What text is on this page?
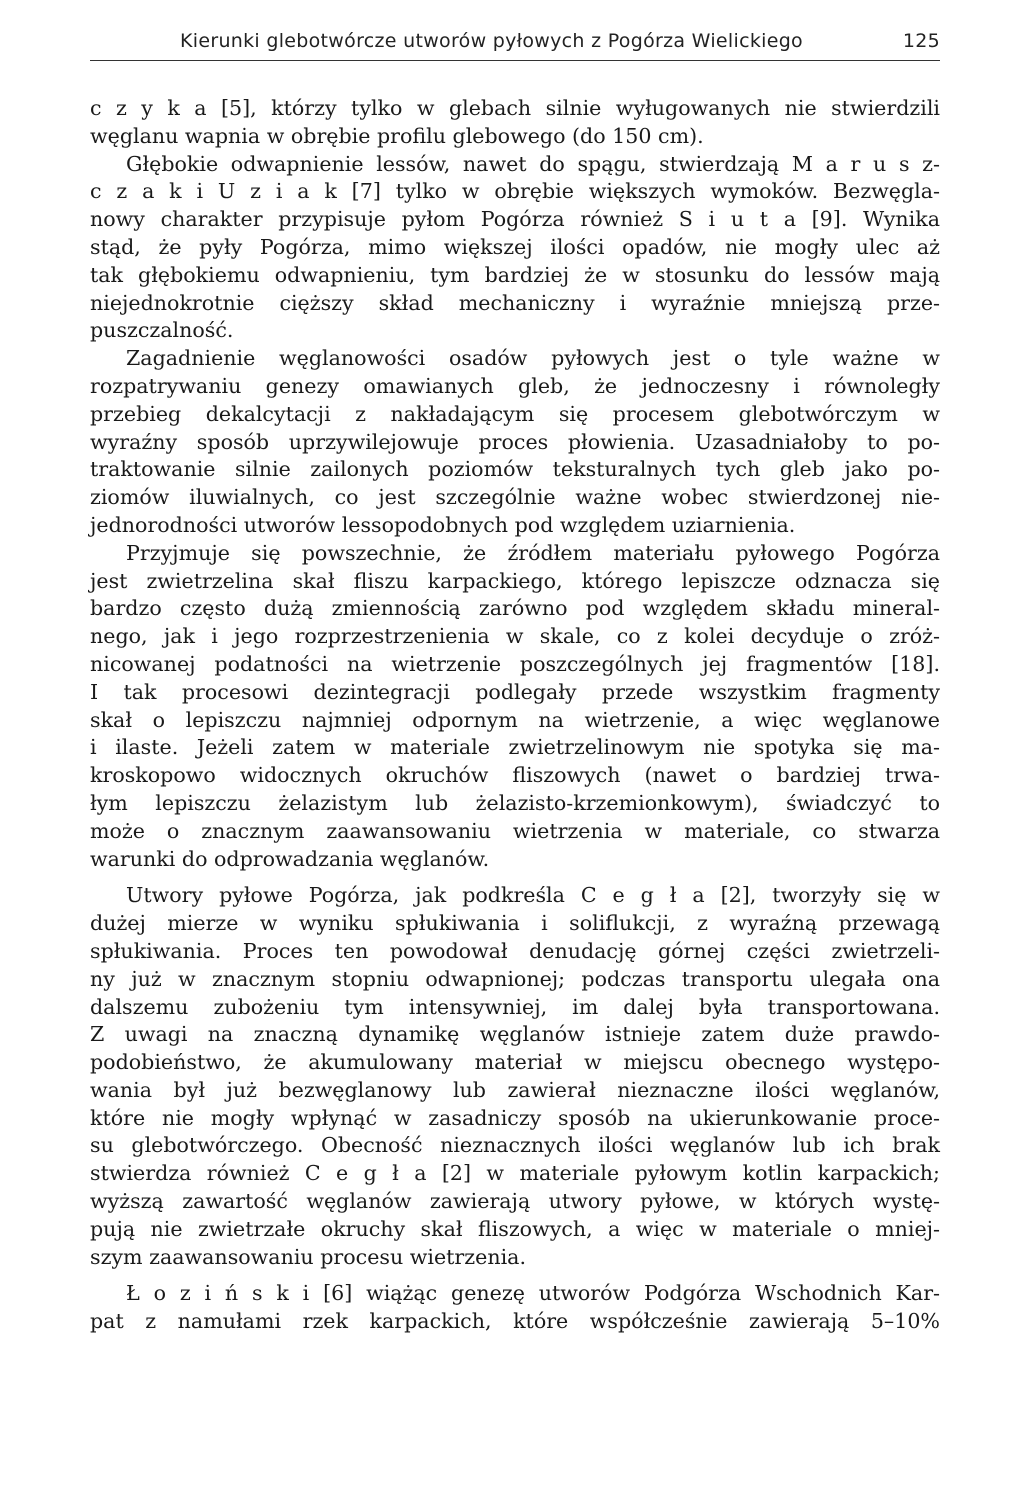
Kierunki glebotwórcze utworów pyłowych z Pogórza Wielickiego	125
c z y k a [5], którzy tylko w glebach silnie wyługowanych nie stwierdzili
węglanu wapnia w obrębie profilu glebowego (do 150 cm).
Głębokie odwapnienie lessów, nawet do spągu, stwierdzają M a r u s z-
c z a k i U z i a k [7] tylko w obrębie większych wymoków. Bezwęgla-
nowy charakter przypisuje pyłom Pogórza również S i u t a [9]. Wynika
stąd, że pyły Pogórza, mimo większej ilości opadów, nie mogły ulec aż
tak głębokiemu odwapnieniu, tym bardziej że w stosunku do lessów mają
niejednokrotnie cięższy skład mechaniczny i wyraźnie mniejszą prze-
puszczalność.
Zagadnienie węglanowości osadów pyłowych jest o tyle ważne w
rozpatrywaniu genezy omawianych gleb, że jednoczesny i równoległy
przebieg dekalcytacji z nakładającym się procesem glebotwórczym w
wyraźny sposób uprzywilejowuje proces płowienia. Uzasadniałoby to po-
traktowanie silnie zailonych poziomów teksturalnych tych gleb jako po-
ziomów iluwialnych, co jest szczególnie ważne wobec stwierdzonej nie-
jednorodności utworów lessopodobnych pod względem uziarnienia.
Przyjmuje się powszechnie, że źródłem materiału pyłowego Pogórza
jest zwietrzelina skał fliszu karpackiego, którego lepiszcze odznacza się
bardzo często dużą zmiennością zarówno pod względem składu mineral-
nego, jak i jego rozprzestrzenienia w skale, co z kolei decyduje o zróż-
nicowanej podatności na wietrzenie poszczególnych jej fragmentów [18].
I tak procesowi dezintegracji podlegały przede wszystkim fragmenty
skał o lepiszczu najmniej odpornym na wietrzenie, a więc węglanowe
i ilaste. Jeżeli zatem w materiale zwietrzelinowym nie spotyka się ma-
kroskopowo widocznych okruchów fliszowych (nawet o bardziej trwa-
łym lepiszczu żelazistym lub żelazisto-krzemionkowym), świadczyć to
może o znacznym zaawansowaniu wietrzenia w materiale, co stwarza
warunki do odprowadzania węglanów.
Utwory pyłowe Pogórza, jak podkreśla C e g ł a [2], tworzyły się w
dużej mierze w wyniku spłukiwania i soliflukcji, z wyraźną przewagą
spłukiwania. Proces ten powodował denudację górnej części zwietrzeli-
ny już w znacznym stopniu odwapnionej; podczas transportu ulegała ona
dalszemu zubożeniu tym intensywniej, im dalej była transportowana.
Z uwagi na znaczną dynamikę węglanów istnieje zatem duże prawdo-
podobieństwo, że akumulowany materiał w miejscu obecnego występo-
wania był już bezwęglanowy lub zawierał nieznaczne ilości węglanów,
które nie mogły wpłynąć w zasadniczy sposób na ukierunkowanie proce-
su glebotwórczego. Obecność nieznacznych ilości węglanów lub ich brak
stwierdza również C e g ł a [2] w materiale pyłowym kotlin karpackich;
wyższą zawartość węglanów zawierają utwory pyłowe, w których wystę-
pują nie zwietrzałe okruchy skał fliszowych, a więc w materiale o mniej-
szym zaawansowaniu procesu wietrzenia.
Ł o z i ń s k i [6] wiążąc genezę utworów Podgórza Wschodnich Kar-
pat z namułami rzek karpackich, które współcześnie zawierają 5–10%
